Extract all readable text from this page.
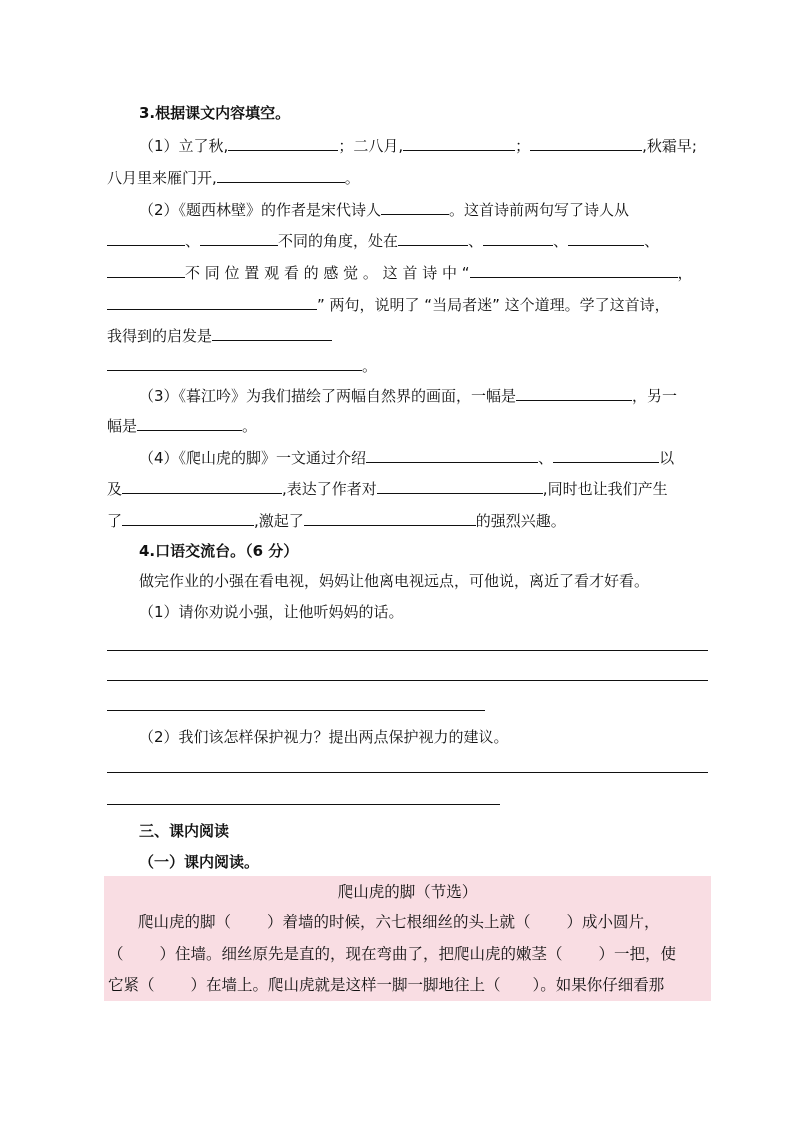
3.根据课文内容填空。
（1）立了秋,	；二八月,	；	,秋霜早;
八月里来雁门开,	。
（2）《题西林壁》的作者是宋代诗人	。这首诗前两句写了诗人从
、	不同的角度，处在	、	、	、
不 同 位 置 观 看 的 感 觉 。 这 首 诗 中 “	，
” 两句，说明了 “当局者迷” 这个道理。学了这首诗，
我得到的启发是
。
（3）《暮江吟》为我们描绘了两幅自然界的画面，一幅是	，另一
幅是	。
（4）《爬山虎的脚》一文通过介绍	、	以
及	,表达了作者对	,同时也让我们产生
了	,激起了	的强烈兴趣。
4.口语交流台。（6 分）
做完作业的小强在看电视，妈妈让他离电视远点，可他说，离近了看才好看。
（1）请你劝说小强，让他听妈妈的话。
（2）我们该怎样保护视力？提出两点保护视力的建议。
三、课内阅读
（一）课内阅读。
爬山虎的脚（节选）
爬山虎的脚（ ）着墙的时候，六七根细丝的头上就（ ）成小圆片，
（ ）住墙。细丝原先是直的，现在弯曲了，把爬山虎的嫩茎（ ）一把，使
它紧（ ）在墙上。爬山虎就是这样一脚一脚地往上（ ）。如果你仔细看那
